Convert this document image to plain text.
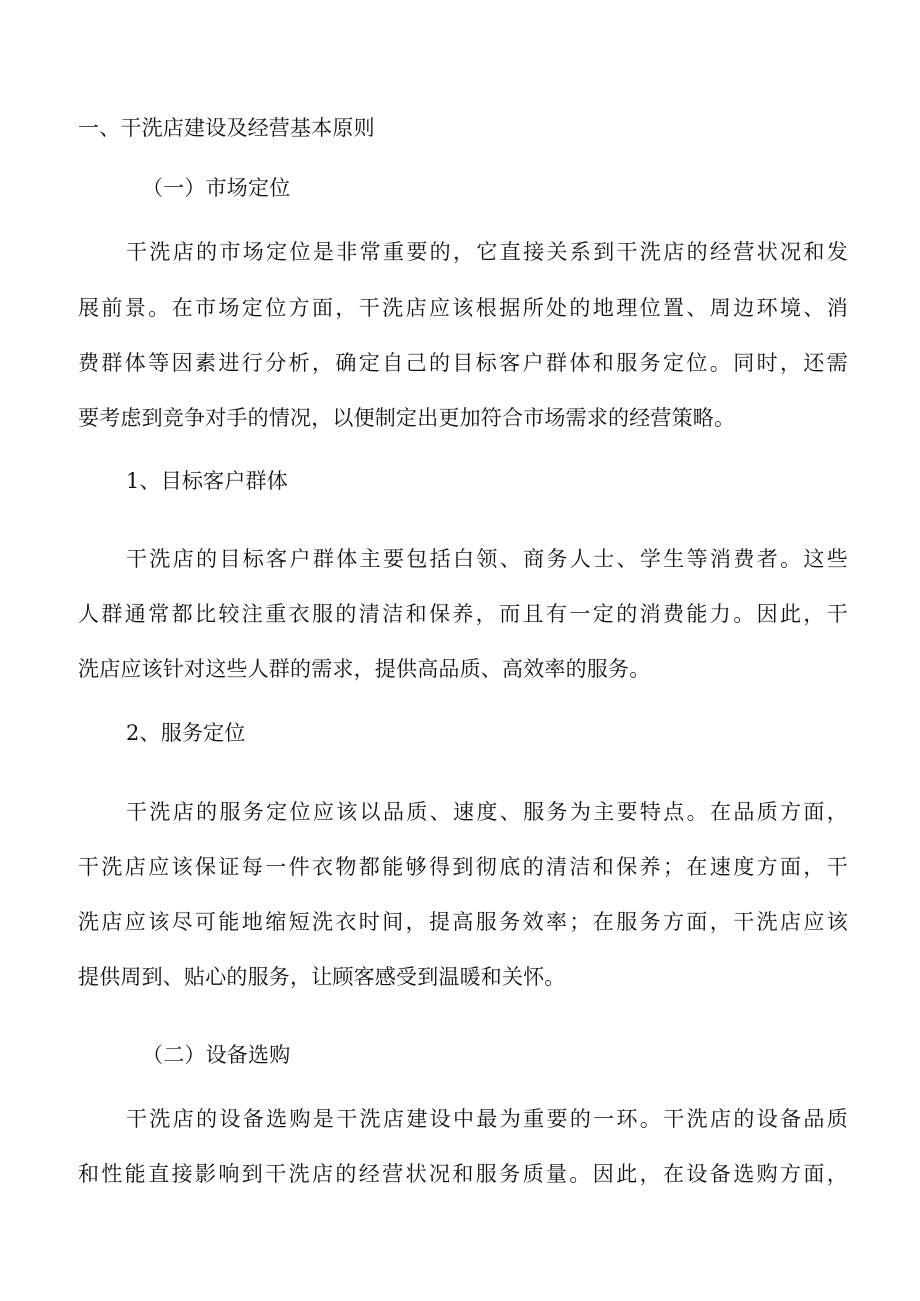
一、干洗店建设及经营基本原则
（一）市场定位
干洗店的市场定位是非常重要的，它直接关系到干洗店的经营状况和发
展前景。在市场定位方面，干洗店应该根据所处的地理位置、周边环境、消
费群体等因素进行分析，确定自己的目标客户群体和服务定位。同时，还需
要考虑到竞争对手的情况，以便制定出更加符合市场需求的经营策略。
1、目标客户群体
干洗店的目标客户群体主要包括白领、商务人士、学生等消费者。这些
人群通常都比较注重衣服的清洁和保养，而且有一定的消费能力。因此，干
洗店应该针对这些人群的需求，提供高品质、高效率的服务。
2、服务定位
干洗店的服务定位应该以品质、速度、服务为主要特点。在品质方面，
干洗店应该保证每一件衣物都能够得到彻底的清洁和保养；在速度方面，干
洗店应该尽可能地缩短洗衣时间，提高服务效率；在服务方面，干洗店应该
提供周到、贴心的服务，让顾客感受到温暖和关怀。
（二）设备选购
干洗店的设备选购是干洗店建设中最为重要的一环。干洗店的设备品质
和性能直接影响到干洗店的经营状况和服务质量。因此，在设备选购方面，
